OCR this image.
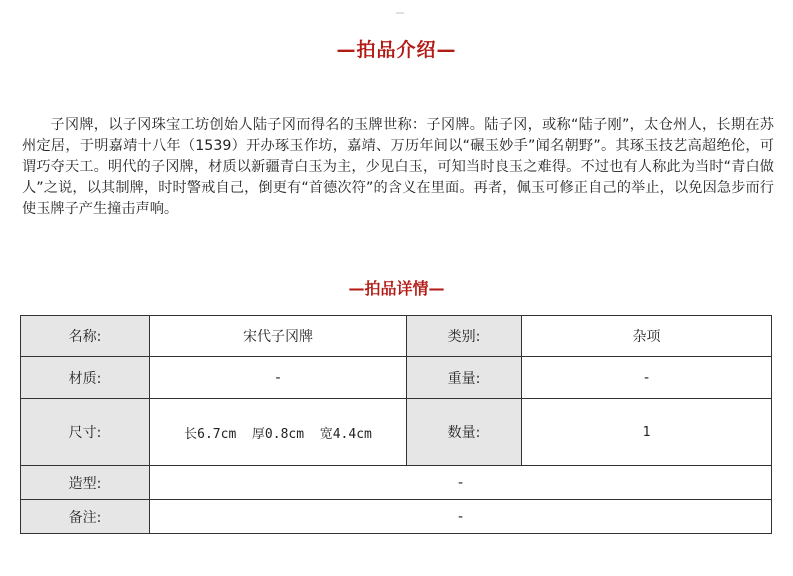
—拍品介绍—

子冈牌，以子冈珠宝工坊创始人陆子冈而得名的玉牌世称：子冈牌。陆子冈，或称“陆子刚”，太仓州人，长期在苏州定居，于明嘉靖十八年（1539）开办琢玉作坊，嘉靖、万历年间以“碾玉妙手”闻名朝野”。其琢玉技艺高超绝伦，可谓巧夺天工。明代的子冈牌，材质以新疆青白玉为主，少见白玉，可知当时良玉之难得。不过也有人称此为当时“青白做人”之说，以其制牌，时时警戒自己，倒更有“首德次符”的含义在里面。再者，佩玉可修正自己的举止，以免因急步而行使玉牌子产生撞击声响。

—拍品详情—
名称:	宋代子冈牌	类别:	杂项
材质:	-	重量:	-
尺寸:	长6.7cm  厚0.8cm  宽4.4cm	数量:	1
造型:	-		
备注:	-		
